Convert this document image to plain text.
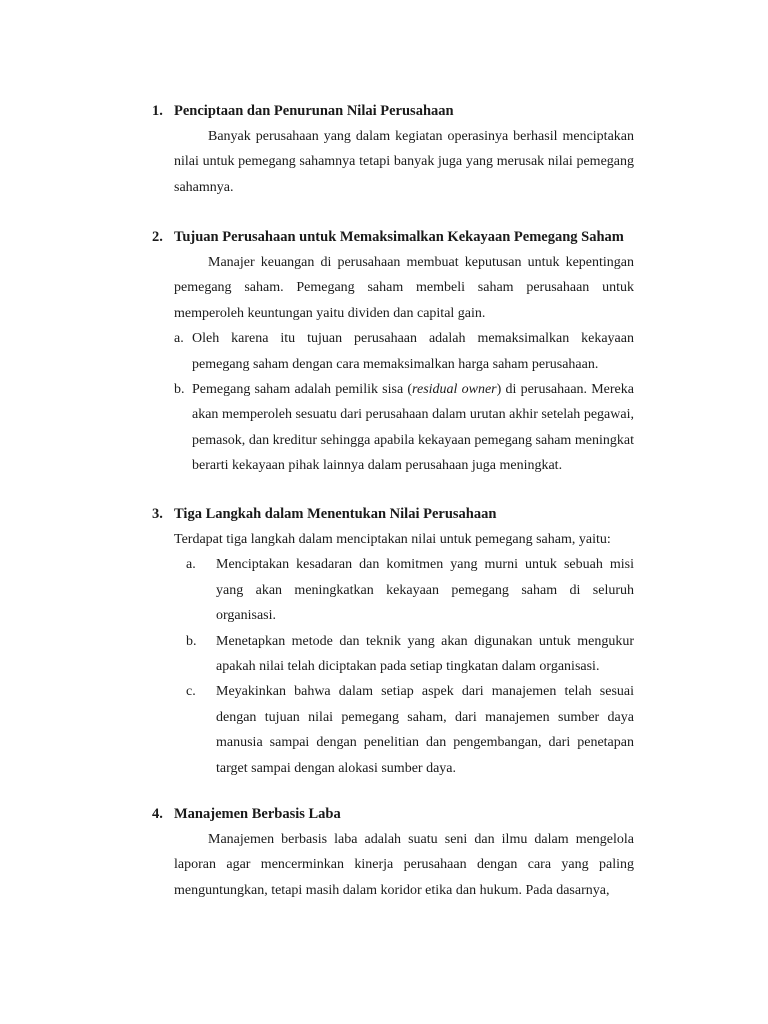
1. Penciptaan dan Penurunan Nilai Perusahaan

Banyak perusahaan yang dalam kegiatan operasinya berhasil menciptakan nilai untuk pemegang sahamnya tetapi banyak juga yang merusak nilai pemegang sahamnya.

2. Tujuan Perusahaan untuk Memaksimalkan Kekayaan Pemegang Saham

Manajer keuangan di perusahaan membuat keputusan untuk kepentingan pemegang saham. Pemegang saham membeli saham perusahaan untuk memperoleh keuntungan yaitu dividen dan capital gain.

a. Oleh karena itu tujuan perusahaan adalah memaksimalkan kekayaan pemegang saham dengan cara memaksimalkan harga saham perusahaan.
b. Pemegang saham adalah pemilik sisa (residual owner) di perusahaan. Mereka akan memperoleh sesuatu dari perusahaan dalam urutan akhir setelah pegawai, pemasok, dan kreditur sehingga apabila kekayaan pemegang saham meningkat berarti kekayaan pihak lainnya dalam perusahaan juga meningkat.
3. Tiga Langkah dalam Menentukan Nilai Perusahaan

Terdapat tiga langkah dalam menciptakan nilai untuk pemegang saham, yaitu:

a.	Menciptakan kesadaran dan komitmen yang murni untuk sebuah misi yang akan meningkatkan kekayaan pemegang saham di seluruh organisasi.
b.	Menetapkan metode dan teknik yang akan digunakan untuk mengukur apakah nilai telah diciptakan pada setiap tingkatan dalam organisasi.
c.	Meyakinkan bahwa dalam setiap aspek dari manajemen telah sesuai dengan tujuan nilai pemegang saham, dari manajemen sumber daya manusia sampai dengan penelitian dan pengembangan, dari penetapan target sampai dengan alokasi sumber daya.
4. Manajemen Berbasis Laba

Manajemen berbasis laba adalah suatu seni dan ilmu dalam mengelola laporan agar mencerminkan kinerja perusahaan dengan cara yang paling menguntungkan, tetapi masih dalam koridor etika dan hukum. Pada dasarnya,
